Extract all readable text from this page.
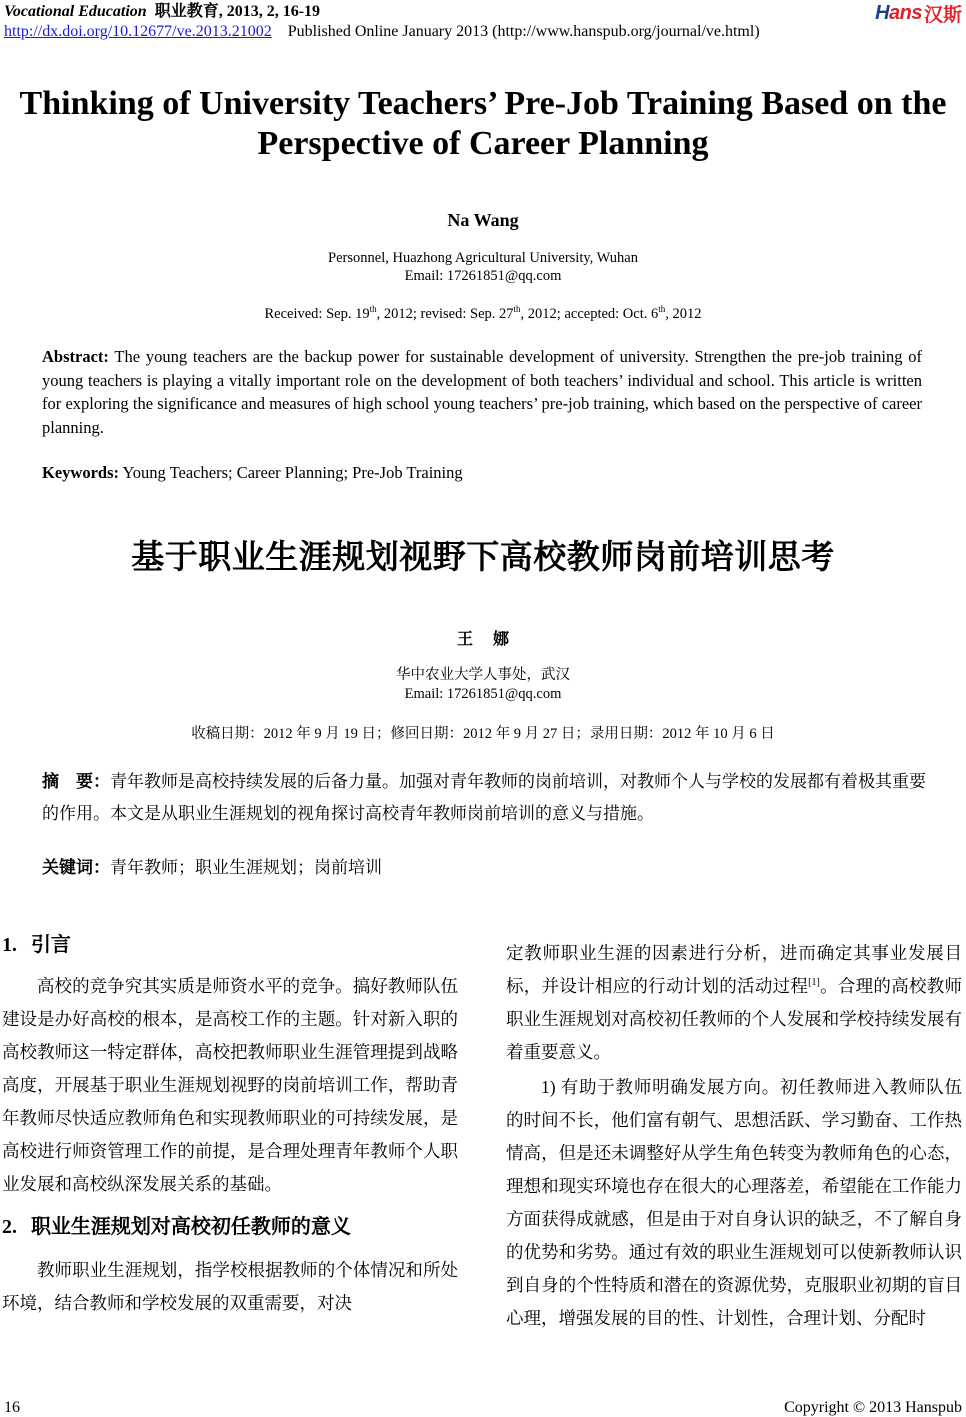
Vocational Education 职业教育, 2013, 2, 16-19
http://dx.doi.org/10.12677/ve.2013.21002 Published Online January 2013 (http://www.hanspub.org/journal/ve.html)
Hans 汉斯
Thinking of University Teachers’ Pre-Job Training Based on the Perspective of Career Planning
Na Wang
Personnel, Huazhong Agricultural University, Wuhan
Email: 17261851@qq.com
Received: Sep. 19th, 2012; revised: Sep. 27th, 2012; accepted: Oct. 6th, 2012
Abstract: The young teachers are the backup power for sustainable development of university. Strengthen the pre-job training of young teachers is playing a vitally important role on the development of both teachers’ individual and school. This article is written for exploring the significance and measures of high school young teachers’ pre-job training, which based on the perspective of career planning.
Keywords: Young Teachers; Career Planning; Pre-Job Training
基于职业生涯规划视野下高校教师岗前培训思考
王娜
华中农业大学人事处，武汉
Email: 17261851@qq.com
收稿日期：2012 年 9 月 19 日；修回日期：2012 年 9 月 27 日；录用日期：2012 年 10 月 6 日
摘　要：青年教师是高校持续发展的后备力量。加强对青年教师的岗前培训，对教师个人与学校的发展都有着极其重要的作用。本文是从职业生涯规划的视角探讨高校青年教师岗前培训的意义与措施。
关键词：青年教师；职业生涯规划；岗前培训
1. 引言

高校的竞争究其实质是师资水平的竞争。搞好教师队伍建设是办好高校的根本，是高校工作的主题。针对新入职的高校教师这一特定群体，高校把教师职业生涯管理提到战略高度，开展基于职业生涯规划视野的岗前培训工作，帮助青年教师尽快适应教师角色和实现教师职业的可持续发展，是高校进行师资管理工作的前提，是合理处理青年教师个人职业发展和高校纵深发展关系的基础。

2. 职业生涯规划对高校初任教师的意义

教师职业生涯规划，指学校根据教师的个体情况和所处环境，结合教师和学校发展的双重需要，对决

定教师职业生涯的因素进行分析，进而确定其事业发展目标，并设计相应的行动计划的活动过程[1]。合理的高校教师职业生涯规划对高校初任教师的个人发展和学校持续发展有着重要意义。

1) 有助于教师明确发展方向。初任教师进入教师队伍的时间不长，他们富有朝气、思想活跃、学习勤奋、工作热情高，但是还未调整好从学生角色转变为教师角色的心态，理想和现实环境也存在很大的心理落差，希望能在工作能力方面获得成就感，但是由于对自身认识的缺乏，不了解自身的优势和劣势。通过有效的职业生涯规划可以使新教师认识到自身的个性特质和潜在的资源优势，克服职业初期的盲目心理，增强发展的目的性、计划性，合理计划、分配时

16	Copyright © 2013 Hanspub
